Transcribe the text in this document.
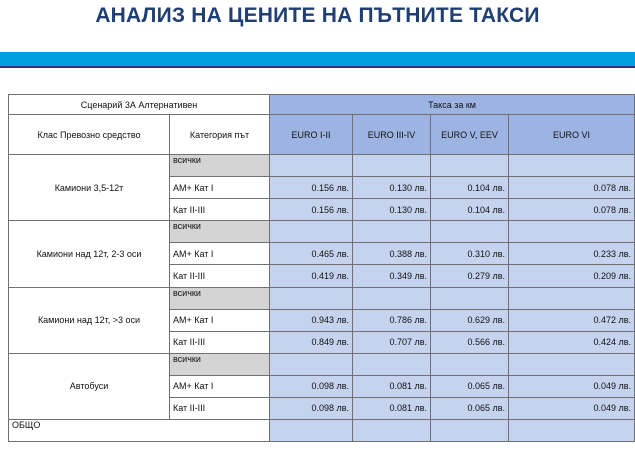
АНАЛИЗ НА ЦЕНИТЕ НА ПЪТНИТЕ ТАКСИ
Сценарий 3А Алтернативен		Такса за км			
Клас Превозно средство	Категория път	EURO I-II	EURO III-IV	EURO V, EEV	EURO VI
Камиони 3,5-12т	всички				
	АМ+ Кат I	0.156 лв.	0.130 лв.	0.104 лв.	0.078 лв.
	Кат II-III	0.156 лв.	0.130 лв.	0.104 лв.	0.078 лв.
Камиони над 12т, 2-3 оси	всички				
	АМ+ Кат I	0.465 лв.	0.388 лв.	0.310 лв.	0.233 лв.
	Кат II-III	0.419 лв.	0.349 лв.	0.279 лв.	0.209 лв.
Камиони над 12т, >3 оси	всички				
	АМ+ Кат I	0.943 лв.	0.786 лв.	0.629 лв.	0.472 лв.
	Кат II-III	0.849 лв.	0.707 лв.	0.566 лв.	0.424 лв.
Автобуси	всички				
	АМ+ Кат I	0.098 лв.	0.081 лв.	0.065 лв.	0.049 лв.
	Кат II-III	0.098 лв.	0.081 лв.	0.065 лв.	0.049 лв.
ОБЩО					
